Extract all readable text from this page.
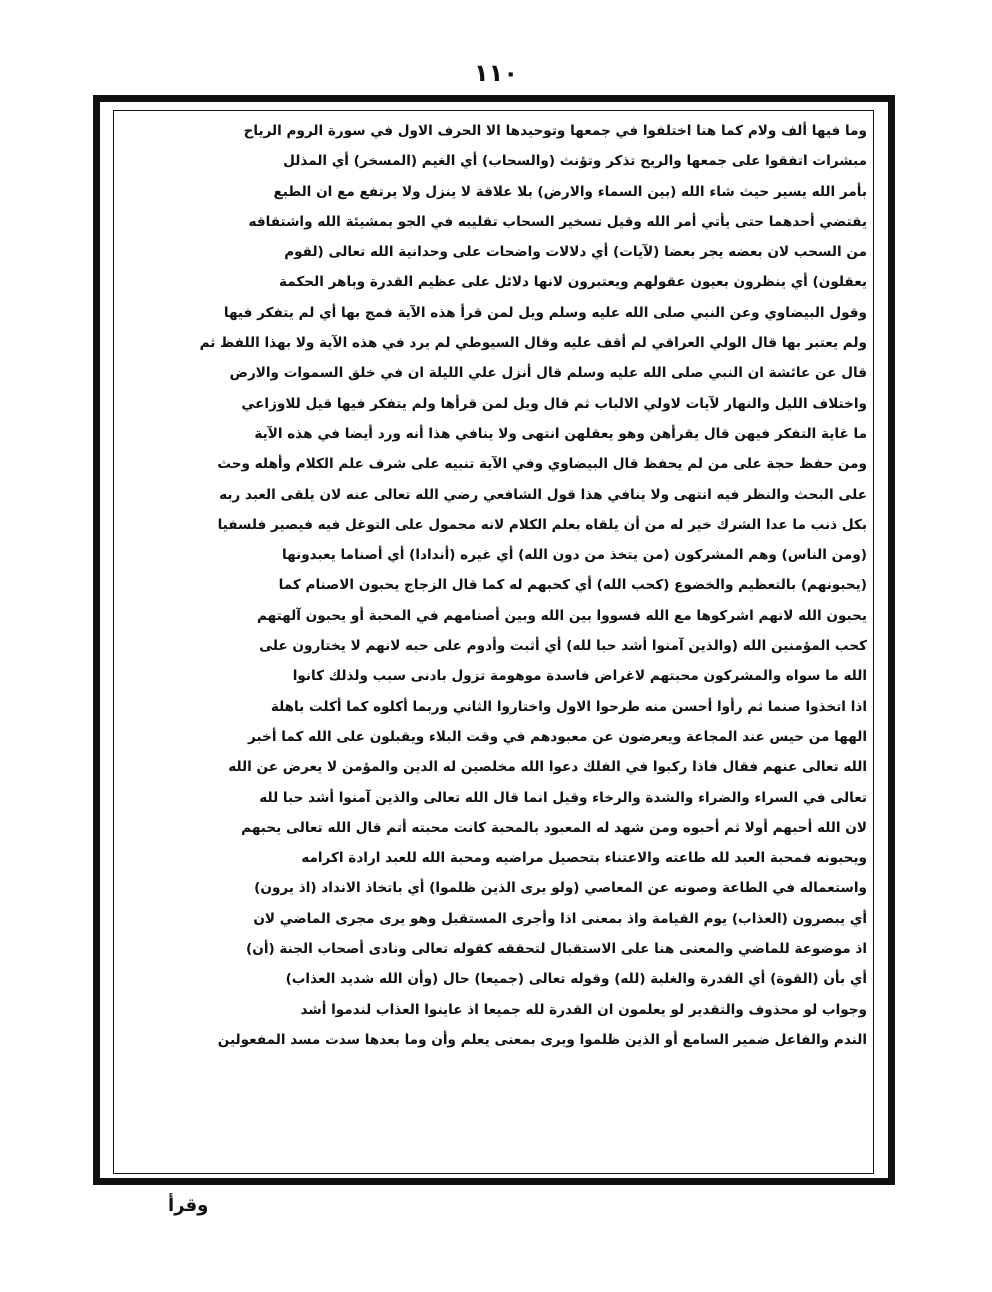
١١٠
وما فيها ألف ولام كما هنا اختلفوا في جمعها وتوحيدها الا الحرف الاول في سورة الروم الرياح
مبشرات اتفقوا على جمعها والريح تذكر وتؤنث (والسحاب) أي الغيم (المسخر) أي المذلل
بأمر الله يسير حيث شاء الله (بين السماء والارض) بلا علاقة لا ينزل ولا يرتفع مع ان الطبع
يقتضي أحدهما حتى يأتي أمر الله وقيل تسخير السحاب تقليبه في الجو بمشيئة الله واشتقاقه
من السحب لان بعضه يجر بعضا (لآيات) أي دلالات واضحات على وحدانية الله تعالى (لقوم
يعقلون) أي ينظرون بعيون عقولهم ويعتبرون لانها دلائل على عظيم القدرة وباهر الحكمة
وقول البيضاوي وعن النبي صلى الله عليه وسلم ويل لمن قرأ هذه الآية فمج بها أي لم يتفكر فيها
ولم يعتبر بها قال الولي العراقي لم أقف عليه وقال السيوطي لم يرد في هذه الآية ولا بهذا اللفظ ثم
قال عن عائشة ان النبي صلى الله عليه وسلم قال أنزل علي الليلة ان في خلق السموات والارض
واختلاف الليل والنهار لآيات لاولي الالباب ثم قال ويل لمن قرأها ولم يتفكر فيها قيل للاوزاعي
ما غاية التفكر فيهن قال يقرأهن وهو يعقلهن انتهى ولا ينافي هذا أنه ورد أيضا في هذه الآية
ومن حفظ حجة على من لم يحفظ قال البيضاوي وفي الآية تنبيه على شرف علم الكلام وأهله وحث
على البحث والنظر فيه انتهى ولا ينافي هذا قول الشافعي رضي الله تعالى عنه لان يلقى العبد ربه
بكل ذنب ما عدا الشرك خير له من أن يلقاه بعلم الكلام لانه محمول على التوغل فيه فيصير فلسفيا
(ومن الناس) وهم المشركون (من يتخذ من دون الله) أي غيره (أندادا) أي أصناما يعبدونها
(يحبونهم) بالتعظيم والخضوع (كحب الله) أي كحبهم له كما قال الزجاج يحبون الاصنام كما
يحبون الله لانهم اشركوها مع الله فسووا بين الله وبين أصنامهم في المحبة أو يحبون آلهتهم
كحب المؤمنين الله (والذين آمنوا أشد حبا لله) أي أثبت وأدوم على حبه لانهم لا يختارون على
الله ما سواه والمشركون محبتهم لاغراض فاسدة موهومة تزول بادنى سبب ولذلك كانوا
اذا اتخذوا صنما ثم رأوا أحسن منه طرحوا الاول واختاروا الثاني وربما أكلوه كما أكلت باهلة
الهها من حيس عند المجاعة ويعرضون عن معبودهم في وقت البلاء ويقبلون على الله كما أخبر
الله تعالى عنهم فقال فاذا ركبوا في الفلك دعوا الله مخلصين له الدين والمؤمن لا يعرض عن الله
تعالى في السراء والضراء والشدة والرخاء وقيل انما قال الله تعالى والذين آمنوا أشد حبا لله
لان الله أحبهم أولا ثم أحبوه ومن شهد له المعبود بالمحبة كانت محبته أتم قال الله تعالى يحبهم
ويحبونه فمحبة العبد لله طاعته والاعتناء بتحصيل مراضيه ومحبة الله للعبد ارادة اكرامه
واستعماله في الطاعة وصونه عن المعاصي (ولو يرى الذين ظلموا) أي باتخاذ الانداد (اذ يرون)
أي يبصرون (العذاب) يوم القيامة واذ بمعنى اذا وأجرى المستقبل وهو يرى مجرى الماضي لان
اذ موضوعة للماضي والمعنى هنا على الاستقبال لتحققه كقوله تعالى ونادى أصحاب الجنة (أن)
أي بأن (القوة) أي القدرة والغلبة (لله) وقوله تعالى (جميعا) حال (وأن الله شديد العذاب)
وجواب لو محذوف والتقدير لو يعلمون ان القدرة لله جميعا اذ عاينوا العذاب لندموا أشد
الندم والفاعل ضمير السامع أو الذين ظلموا ويرى بمعنى يعلم وأن وما بعدها سدت مسد المفعولين
وقرأ
